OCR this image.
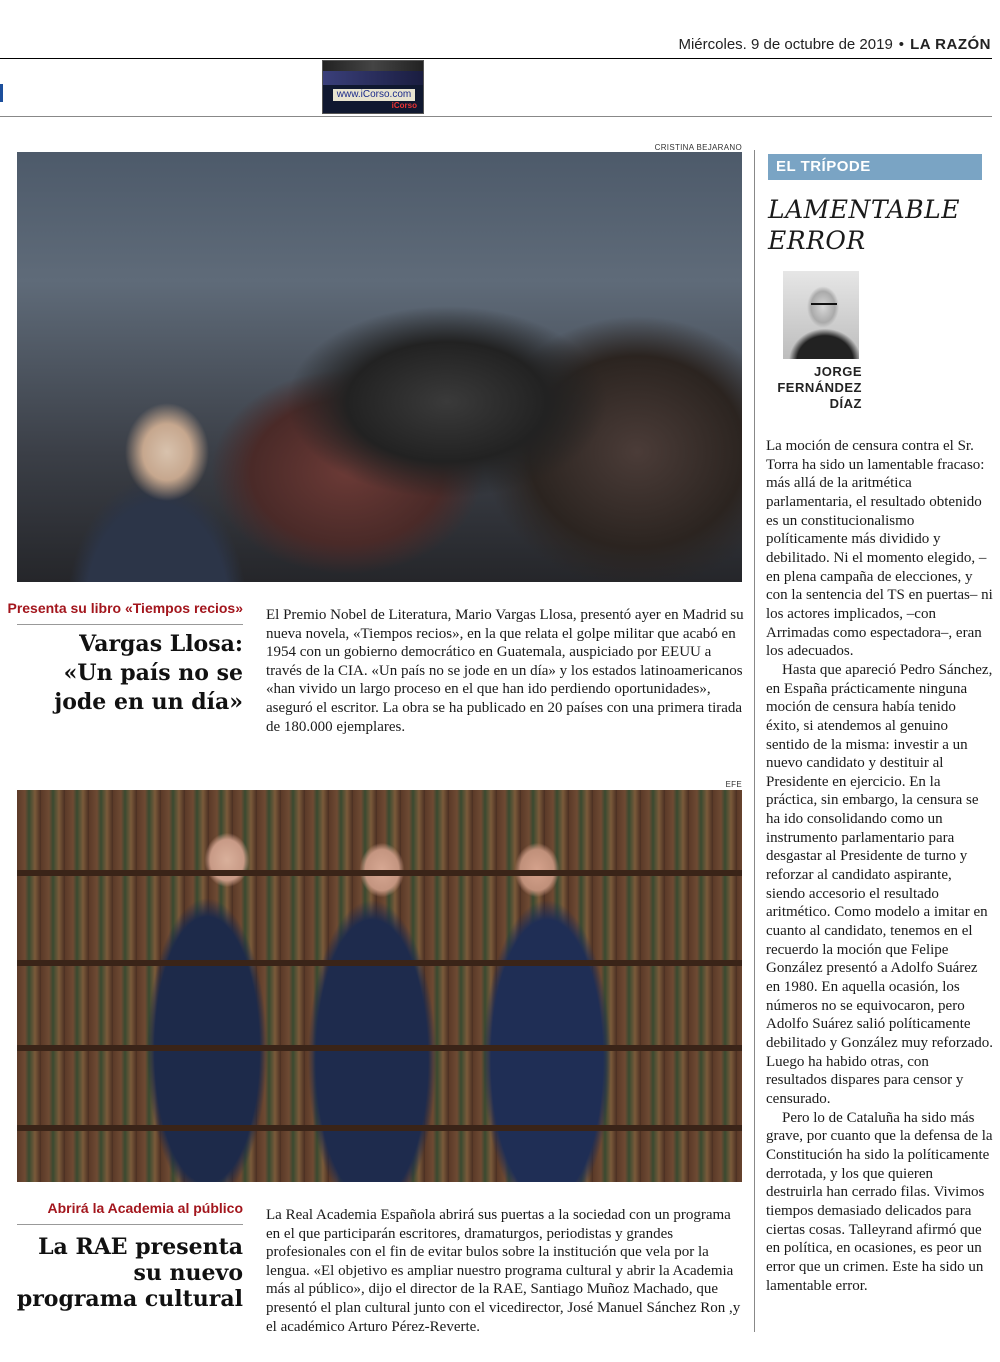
Miércoles. 9 de octubre de 2019 • LA RAZÓN
www.iCorso.com
iCorso
CRISTINA BEJARANO
Presenta su libro «Tiempos recios»
Vargas Llosa:
«Un país no se
jode en un día»
El Premio Nobel de Literatura, Mario Vargas Llosa, presentó ayer en Madrid su nueva novela, «Tiempos recios», en la que relata el golpe militar que acabó en 1954 con un gobierno democrático en Guatemala, auspiciado por EEUU a través de la CIA. «Un país no se jode en un día» y los estados latinoamericanos «han vivido un largo proceso en el que han ido perdiendo oportunidades», aseguró el escritor. La obra se ha publicado en 20 países con una primera tirada de 180.000 ejemplares.
EFE
Abrirá la Academia al público
La RAE presenta
su nuevo
programa cultural
La Real Academia Española abrirá sus puertas a la sociedad con un programa en el que participarán escritores, dramaturgos, periodistas y grandes profesionales con el fin de evitar bulos sobre la institución que vela por la lengua. «El objetivo es ampliar nuestro programa cultural y abrir la Academia más al público», dijo el director de la RAE, Santiago Muñoz Machado, que presentó el plan cultural junto con el vicedirector, José Manuel Sánchez Ron ,y el académico Arturo Pérez-Reverte.
EL TRÍPODE
LAMENTABLE
ERROR
JORGE
FERNÁNDEZ
DÍAZ

La moción de censura contra el Sr. Torra ha sido un lamentable fracaso: más allá de la aritmética parlamentaria, el resultado obtenido es un constitucionalismo políticamente más dividido y debilitado. Ni el momento elegido, –en plena campaña de elecciones, y con la sentencia del TS en puertas– ni los actores implicados, –con Arrimadas como espectadora–, eran los adecuados.

Hasta que apareció Pedro Sánchez, en España prácticamente ninguna moción de censura había tenido éxito, si atendemos al genuino sentido de la misma: investir a un nuevo candidato y destituir al Presidente en ejercicio. En la práctica, sin embargo, la censura se ha ido consolidando como un instrumento parlamentario para desgastar al Presidente de turno y reforzar al candidato aspirante, siendo accesorio el resultado aritmético. Como modelo a imitar en cuanto al candidato, tenemos en el recuerdo la moción que Felipe González presentó a Adolfo Suárez en 1980. En aquella ocasión, los números no se equivocaron, pero Adolfo Suárez salió políticamente debilitado y González muy reforzado. Luego ha habido otras, con resultados dispares para censor y censurado.

Pero lo de Cataluña ha sido más grave, por cuanto que la defensa de la Constitución ha sido la políticamente derrotada, y los que quieren destruirla han cerrado filas. Vivimos tiempos demasiado delicados para ciertas cosas. Talleyrand afirmó que en política, en ocasiones, es peor un error que un crimen. Este ha sido un lamentable error.
